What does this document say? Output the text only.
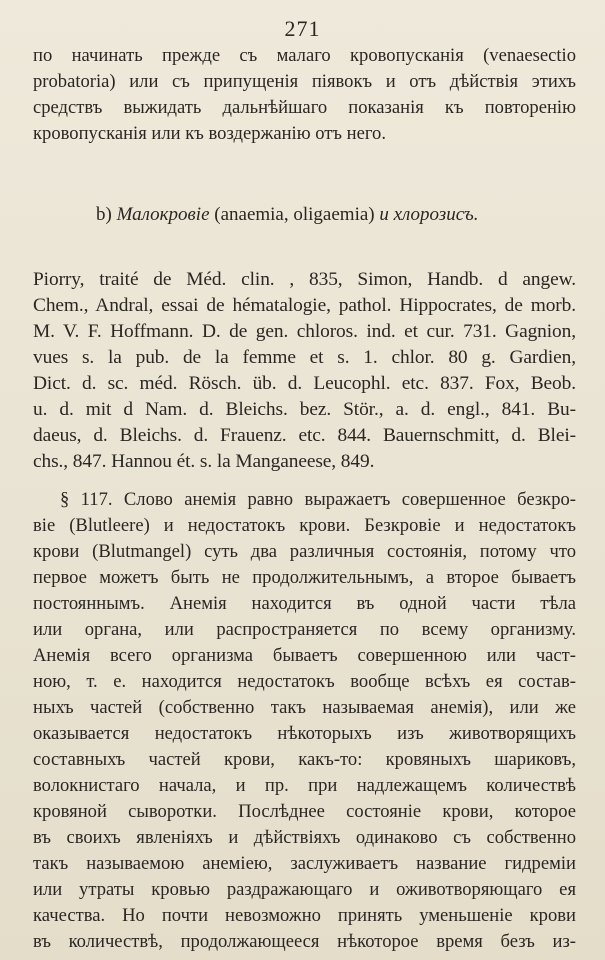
271
по начинать прежде съ малаго кровопусканія (venaesectio
probatoria) или съ припущенія піявокъ и отъ дѣйствія этихъ
средствъ выжидать дальнѣйшаго показанія къ повторенію
кровопусканія или къ воздержанію отъ него.
b) Малокровіе (anaemia, oligaemia) и хлорозисъ.
Piorry, traité de Méd. clin. , 835, Simon, Handb. d angew.
Chem., Andral, essai de hématalogie, pathol. Hippocrates, de morb.
M. V. F. Hoffmann. D. de gen. chloros. ind. et cur. 731. Gagnion,
vues s. la pub. de la femme et s. 1. chlor. 80 g. Gardien,
Dict. d. sc. méd. Rösch. üb. d. Leucophl. etc. 837. Fox, Beob.
u. d. mit d Nam. d. Bleichs. bez. Stör., a. d. engl., 841. Bu-
daeus, d. Bleichs. d. Frauenz. etc. 844. Bauernschmitt, d. Blei-
chs., 847. Hannou ét. s. la Manganeese, 849.
§ 117. Слово анемія равно выражаетъ совершенное безкро-
віе (Blutleere) и недостатокъ крови. Безкровіе и недостатокъ
крови (Blutmangel) суть два различныя состоянія, потому что
первое можетъ быть не продолжительнымъ, а второе бываетъ
постояннымъ. Анемія находится въ одной части тѣла
или органа, или распространяется по всему организму.
Анемія всего организма бываетъ совершенною или част-
ною, т. е. находится недостатокъ вообще всѣхъ ея состав-
ныхъ частей (собственно такъ называемая анемія), или же
оказывается недостатокъ нѣкоторыхъ изъ животворящихъ
составныхъ частей крови, какъ-то: кровяныхъ шариковъ,
волокнистаго начала, и пр. при надлежащемъ количествѣ
кровяной сыворотки. Послѣднее состояніе крови, которое
въ своихъ явленіяхъ и дѣйствіяхъ одинаково съ собственно
такъ называемою анеміею, заслуживаетъ название гидреміи
или утраты кровью раздражающаго и оживотворяющаго ея
качества. Но почти невозможно принять уменьшеніе крови
въ количествѣ, продолжающееся нѣкоторое время безъ из-
